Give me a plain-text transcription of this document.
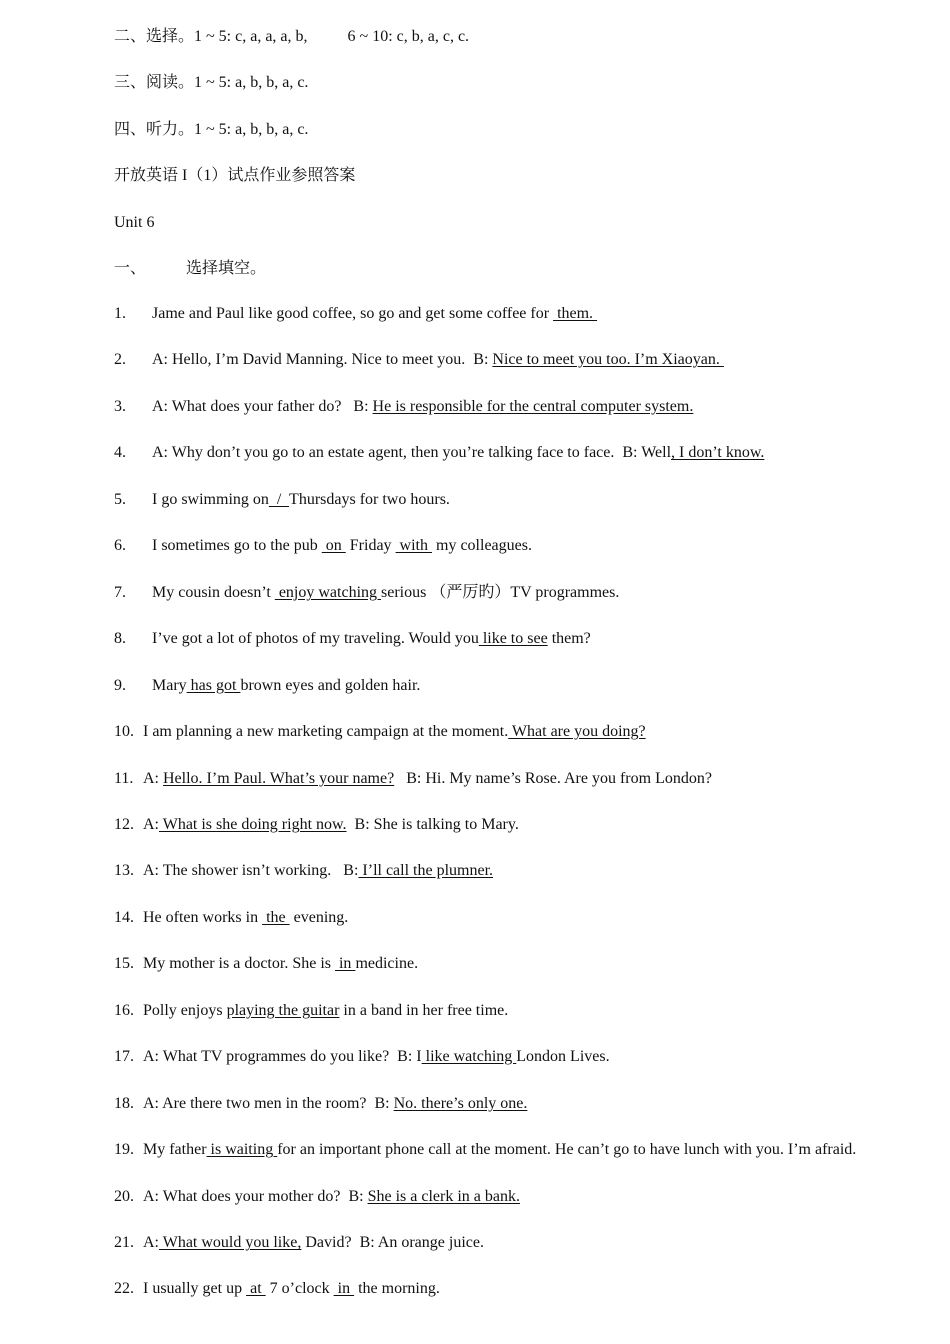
二、选择。1 ~ 5: c, a, a, a, b,	6 ~ 10: c, b, a, c, c.
三、阅读。1 ~ 5: a, b, b, a, c.
四、听力。1 ~ 5: a, b, b, a, c.
开放英语 I（1）试点作业参照答案
Unit 6
一、	选择填空。
1. Jame and Paul like good coffee, so go and get some coffee for  them.
2. A: Hello, I’m David Manning. Nice to meet you.  B: Nice to meet you too. I’m Xiaoyan.
3. A: What does your father do?   B: He is responsible for the central computer system.
4. A: Why don’t you go to an estate agent, then you’re talking face to face.  B: Well, I don’t know.
5. I go swimming on  /  Thursdays for two hours.
6. I sometimes go to the pub  on  Friday  with  my colleagues.
7. My cousin doesn’t  enjoy watching serious （严厉旳）TV programmes.
8. I’ve got a lot of photos of my traveling. Would you like to see them?
9. Mary has got brown eyes and golden hair.
10. I am planning a new marketing campaign at the moment. What are you doing?
11. A: Hello. I’m Paul. What’s your name?   B: Hi. My name’s Rose. Are you from London?
12. A: What is she doing right now.  B: She is talking to Mary.
13. A: The shower isn’t working.   B: I’ll call the plumner.
14. He often works in  the  evening.
15. My mother is a doctor. She is  in medicine.
16. Polly enjoys playing the guitar in a band in her free time.
17. A: What TV programmes do you like?  B: I like watching London Lives.
18. A: Are there two men in the room?  B: No. there’s only one.
19. My father is waiting for an important phone call at the moment. He can’t go to have lunch with you. I’m afraid.
20. A: What does your mother do?  B: She is a clerk in a bank.
21. A: What would you like, David?  B: An orange juice.
22. I usually get up  at  7 o’clock  in  the morning.
